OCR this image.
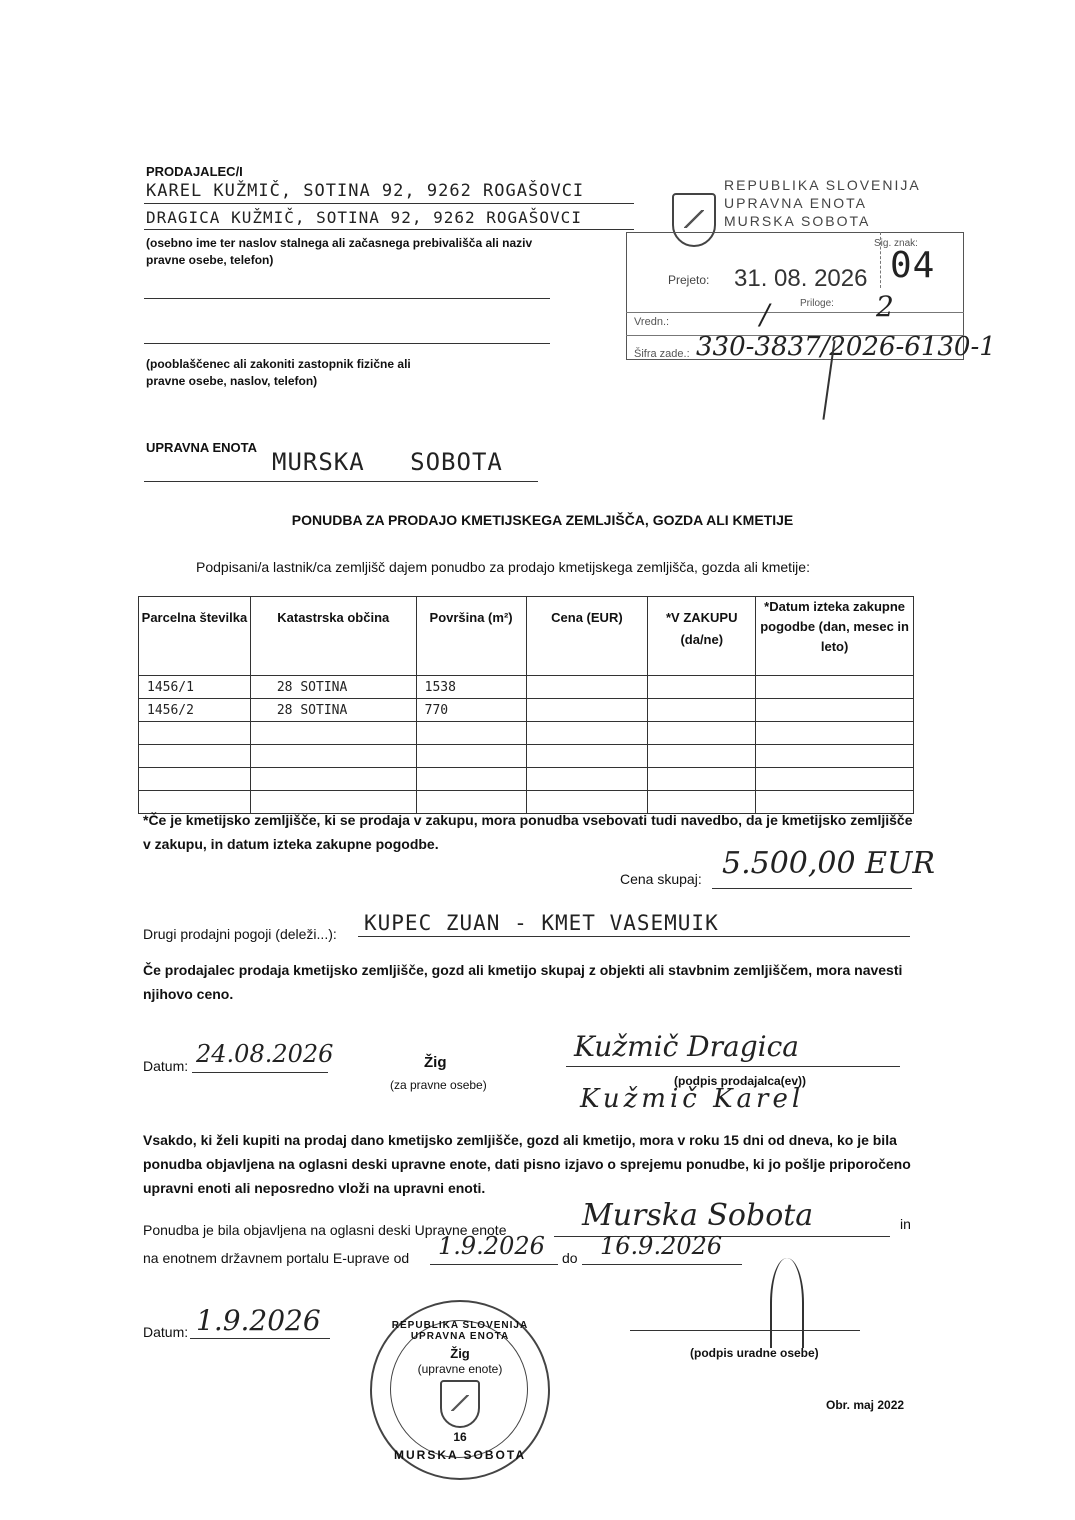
PRODAJALEC/I
KAREL KUŽMIČ, SOTINA 92, 9262 ROGAŠOVCI
DRAGICA KUŽMIČ, SOTINA 92, 9262 ROGAŠOVCI
(osebno ime ter naslov stalnega ali začasnega prebivališča ali naziv pravne osebe, telefon)
(pooblaščenec ali zakoniti zastopnik fizične ali pravne osebe, naslov, telefon)
REPUBLIKA SLOVENIJA
UPRAVNA ENOTA
MURSKA SOBOTA
Sig. znak:
04
Prejeto: 31. 08. 2026
Priloge: 2
Vredn.:	/
Šifra zade.: 330-3837/2026-6130-1
UPRAVNA ENOTA
MURSKA SOBOTA
PONUDBA ZA PRODAJO KMETIJSKEGA ZEMLJIŠČA, GOZDA ALI KMETIJE
Podpisani/a lastnik/ca zemljišč dajem ponudbo za prodajo kmetijskega zemljišča, gozda ali kmetije:
Parcelna številka	Katastrska občina	Površina (m²)	Cena (EUR)	*V ZAKUPU (da/ne)	*Datum izteka zakupne pogodbe (dan, mesec in leto)
1456/1	28 SOTINA	1538			
1456/2	28 SOTINA	770			

*Če je kmetijsko zemljišče, ki se prodaja v zakupu, mora ponudba vsebovati tudi navedbo, da je kmetijsko zemljišče v zakupu, in datum izteka zakupne pogodbe.
Cena skupaj: 5.500,00 EUR
Drugi prodajni pogoji (deleži...): KUPEC ZUAN - KMET VASEMUIK
Če prodajalec prodaja kmetijsko zemljišče, gozd ali kmetijo skupaj z objekti ali stavbnim zemljiščem, mora navesti njihovo ceno.
Datum: 24.08.2026	Žig
(za pravne osebe)
Kužmič Dragica
(podpis prodajalca(ev))
Kužmič Karel
Vsakdo, ki želi kupiti na prodaj dano kmetijsko zemljišče, gozd ali kmetijo, mora v roku 15 dni od dneva, ko je bila ponudba objavljena na oglasni deski upravne enote, dati pisno izjavo o sprejemu ponudbe, ki jo pošlje priporočeno upravni enoti ali neposredno vloži na upravni enoti.
Ponudba je bila objavljena na oglasni deski Upravne enote	Murska Sobota	in
na enotnem državnem portalu E-uprave od 1.9.2026 do 16.9.2026
Datum: 1.9.2026	REPUBLIKA SLOVENIJA UPRAVNA ENOTA
Žig
(upravne enote)
16
MURSKA SOBOTA
(podpis uradne osebe)
Obr. maj 2022
